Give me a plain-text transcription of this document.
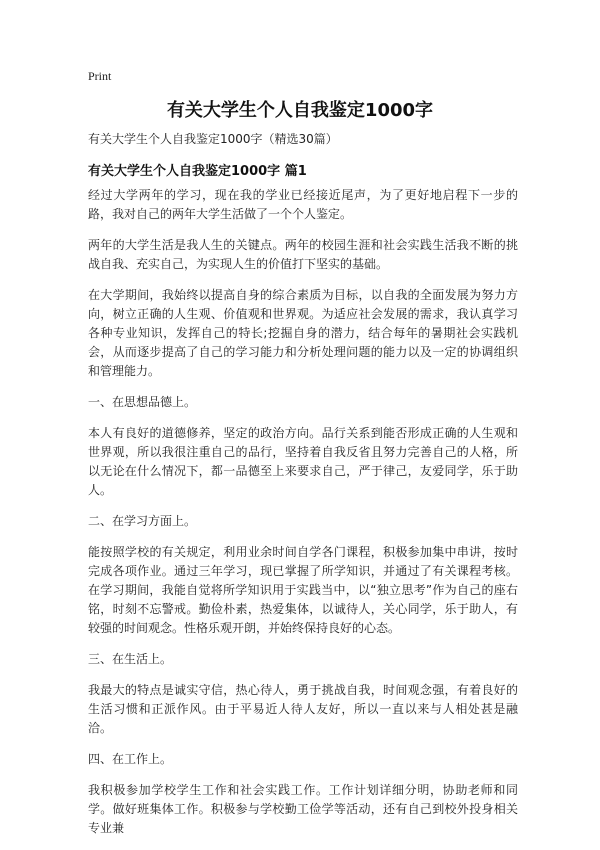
Print
有关大学生个人自我鉴定1000字
有关大学生个人自我鉴定1000字（精选30篇）
有关大学生个人自我鉴定1000字 篇1

经过大学两年的学习，现在我的学业已经接近尾声，为了更好地启程下一步的路，我对自己的两年大学生活做了一个个人鉴定。

两年的大学生活是我人生的关键点。两年的校园生涯和社会实践生活我不断的挑战自我、充实自己，为实现人生的价值打下坚实的基础。

在大学期间，我始终以提高自身的综合素质为目标，以自我的全面发展为努力方向，树立正确的人生观、价值观和世界观。为适应社会发展的需求，我认真学习各种专业知识，发挥自己的特长;挖掘自身的潜力，结合每年的暑期社会实践机会，从而逐步提高了自己的学习能力和分析处理问题的能力以及一定的协调组织和管理能力。

一、在思想品德上。

本人有良好的道德修养，坚定的政治方向。品行关系到能否形成正确的人生观和世界观，所以我很注重自己的品行，坚持着自我反省且努力完善自己的人格，所以无论在什么情况下，都一品德至上来要求自己，严于律己，友爱同学，乐于助人。

二、在学习方面上。

能按照学校的有关规定，利用业余时间自学各门课程，积极参加集中串讲，按时完成各项作业。通过三年学习，现已掌握了所学知识，并通过了有关课程考核。在学习期间，我能自觉将所学知识用于实践当中，以“独立思考”作为自己的座右铭，时刻不忘警戒。勤俭朴素，热爱集体，以诚待人，关心同学，乐于助人，有较强的时间观念。性格乐观开朗，并始终保持良好的心态。

三、在生活上。

我最大的特点是诚实守信，热心待人，勇于挑战自我，时间观念强，有着良好的生活习惯和正派作风。由于平易近人待人友好，所以一直以来与人相处甚是融洽。

四、在工作上。

我积极参加学校学生工作和社会实践工作。工作计划详细分明，协助老师和同学。做好班集体工作。积极参与学校勤工俭学等活动，还有自己到校外投身相关专业兼
